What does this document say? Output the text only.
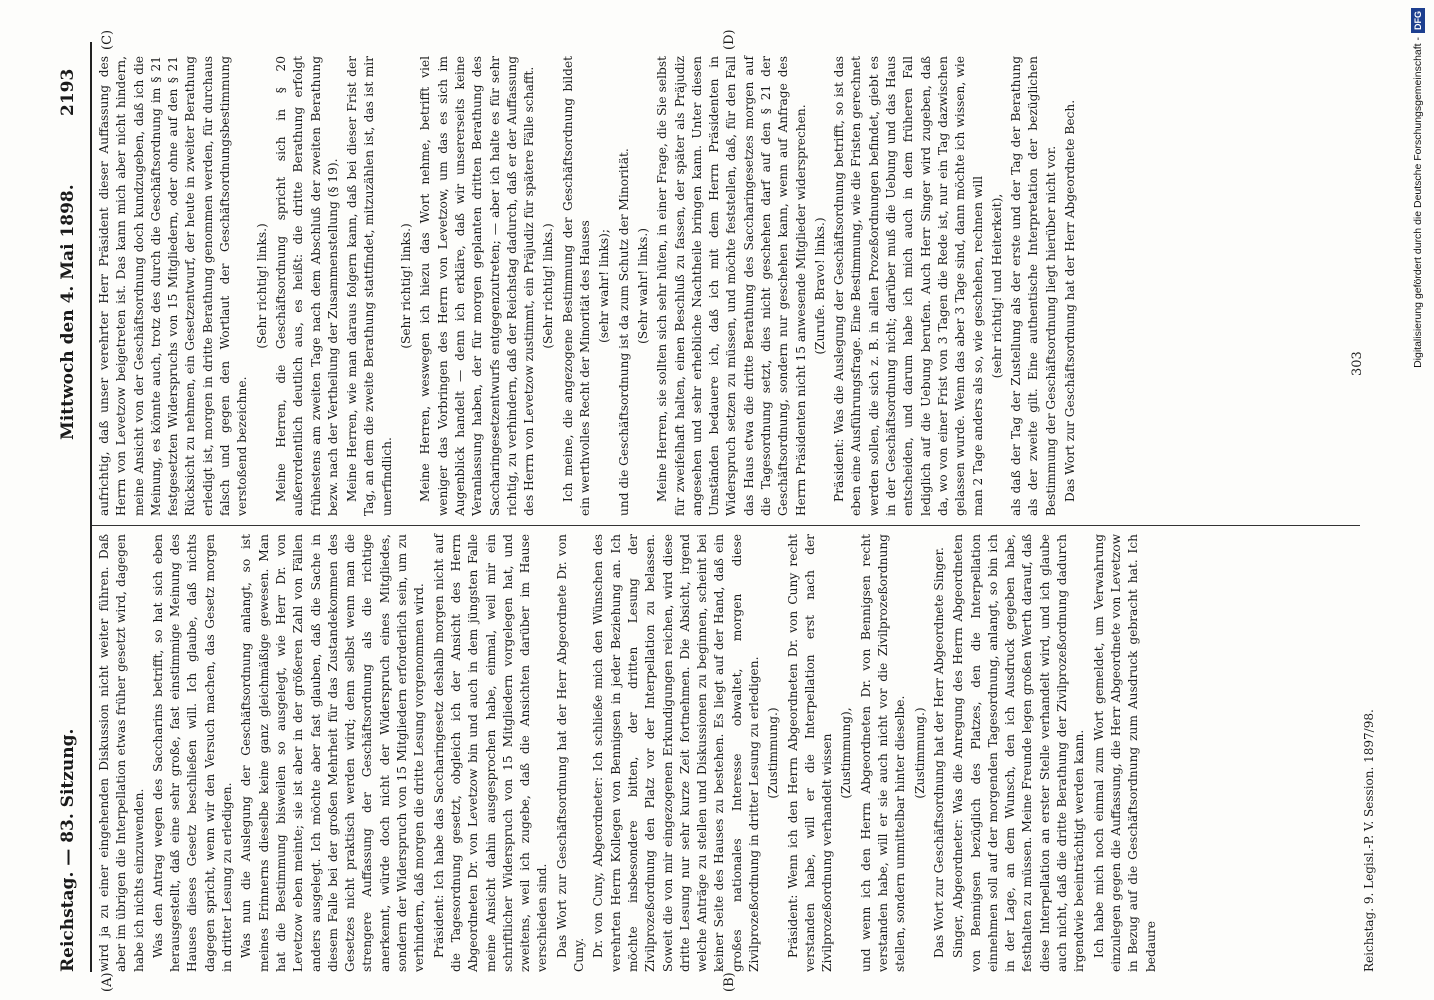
Reichstag. — 83. Sitzung.
Mittwoch den 4. Mai 1898.
2193
(A)	(B)
(C)	(D)

wird ja zu einer eingehenden Diskussion nicht weiter führen. Daß aber im übrigen die Interpellation etwas früher gesetzt wird, dagegen habe ich nichts einzuwenden. Was den Antrag wegen des Saccharins betrifft, so hat sich eben herausgestellt, daß eine sehr große, fast einstimmige Meinung des Hauses dieses Gesetz beschließen will. Ich glaube, daß nichts dagegen spricht, wenn wir den Versuch machen, das Gesetz morgen in dritter Lesung zu erledigen. Was nun die Auslegung der Geschäftsordnung anlangt, so ist meines Erinnerns dieselbe keine ganz gleichmäßige gewesen. Man hat die Bestimmung bisweilen so ausgelegt, wie Herr Dr. von Levetzow eben meinte; sie ist aber in der größeren Zahl von Fällen anders ausgelegt. Ich möchte aber fast glauben, daß die Sache in diesem Falle bei der großen Mehrheit für das Zustandekommen des Gesetzes nicht praktisch werden wird; denn selbst wenn man die strengere Auffassung der Geschäftsordnung als die richtige anerkennt, würde doch nicht der Widerspruch eines Mitgliedes, sondern der Widerspruch von 15 Mitgliedern erforderlich sein, um zu verhindern, daß morgen die dritte Lesung vorgenommen wird. Präsident: Ich habe das Saccharingesetz deshalb morgen nicht auf die Tagesordnung gesetzt, obgleich ich der Ansicht des Herrn Abgeordneten Dr. von Levetzow bin und auch in dem jüngsten Falle meine Ansicht dahin ausgesprochen habe, einmal, weil mir ein schriftlicher Widerspruch von 15 Mitgliedern vorgelegen hat, und zweitens, weil ich zugebe, daß die Ansichten darüber im Hause verschieden sind. Das Wort zur Geschäftsordnung hat der Herr Abgeordnete Dr. von Cuny. Dr. von Cuny, Abgeordneter: Ich schließe mich den Wünschen des verehrten Herrn Kollegen von Bennigsen in jeder Beziehung an. Ich möchte insbesondere bitten, der dritten Lesung der Zivilprozeßordnung den Platz vor der Interpellation zu belassen. Soweit die von mir eingezogenen Erkundigungen reichen, wird diese dritte Lesung nur sehr kurze Zeit fortnehmen. Die Absicht, irgend welche Anträge zu stellen und Diskussionen zu beginnen, scheint bei keiner Seite des Hauses zu bestehen. Es liegt auf der Hand, daß ein großes nationales Interesse obwaltet, morgen diese Zivilprozeßordnung in dritter Lesung zu erledigen. (Zustimmung.) Präsident: Wenn ich den Herrn Abgeordneten Dr. von Cuny recht verstanden habe, will er die Interpellation erst nach der Zivilprozeßordnung verhandelt wissen (Zustimmung), und wenn ich den Herrn Abgeordneten Dr. von Bennigsen recht verstanden habe, will er sie auch nicht vor die Zivilprozeßordnung stellen, sondern unmittelbar hinter dieselbe. (Zustimmung.) Das Wort zur Geschäftsordnung hat der Herr Abgeordnete Singer. Singer, Abgeordneter: Was die Anregung des Herrn Abgeordneten von Bennigsen bezüglich des Platzes, den die Interpellation einnehmen soll auf der morgenden Tagesordnung, anlangt, so bin ich in der Lage, an dem Wunsch, den ich Ausdruck gegeben habe, festhalten zu müssen. Meine Freunde legen großen Werth darauf, daß diese Interpellation an erster Stelle verhandelt wird, und ich glaube auch nicht, daß die dritte Berathung der Zivilprozeßordnung dadurch irgendwie beeinträchtigt werden kann. Ich habe mich noch einmal zum Wort gemeldet, um Verwahrung einzulegen gegen die Auffassung, die Herr Abgeordnete von Levetzow in Bezug auf die Geschäftsordnung zum Ausdruck gebracht hat. Ich bedaure

aufrichtig, daß unser verehrter Herr Präsident dieser Auffassung des Herrn von Levetzow beigetreten ist. Das kann mich aber nicht hindern, meine Ansicht von der Geschäftsordnung doch kundzugeben, daß ich die Meinung, es könnte auch, trotz des durch die Geschäftsordnung im § 21 festgesetzten Widerspruchs von 15 Mitgliedern, oder ohne auf den § 21 Rücksicht zu nehmen, ein Gesetzentwurf, der heute in zweiter Berathung erledigt ist, morgen in dritte Berathung genommen werden, für durchaus falsch und gegen den Wortlaut der Geschäftsordnungsbestimmung verstoßend bezeichne.

(Sehr richtig! links.) Meine Herren, die Geschäftsordnung spricht sich in § 20 außerordentlich deutlich aus, es heißt: die dritte Berathung erfolgt frühestens am zweiten Tage nach dem Abschluß der zweiten Berathung bezw. nach der Vertheilung der Zusammenstellung (§ 19). Meine Herren, wie man daraus folgern kann, daß bei dieser Frist der Tag, an dem die zweite Berathung stattfindet, mitzuzählen ist, das ist mir unerfindlich.

(Sehr richtig! links.) Meine Herren, weswegen ich hiezu das Wort nehme, betrifft viel weniger das Vorbringen des Herrn von Levetzow, um das es sich im Augenblick handelt — denn ich erkläre, daß wir unsererseits keine Veranlassung haben, der für morgen geplanten dritten Berathung des Saccharingesetzentwurfs entgegenzutreten; — aber ich halte es für sehr richtig, zu verhindern, daß der Reichstag dadurch, daß er der Auffassung des Herrn von Levetzow zustimmt, ein Präjudiz für spätere Fälle schafft. (Sehr richtig! links.) Ich meine, die angezogene Bestimmung der Geschäftsordnung bildet ein werthvolles Recht der Minorität des Hauses (sehr wahr! links); und die Geschäftsordnung ist da zum Schutz der Minorität. (Sehr wahr! links.) Meine Herren, sie sollten sich sehr hüten, in einer Frage, die Sie selbst für zweifelhaft halten, einen Beschluß zu fassen, der später als Präjudiz angesehen und sehr erhebliche Nachtheile bringen kann. Unter diesen Umständen bedauere ich, daß ich mit dem Herrn Präsidenten in Widerspruch setzen zu müssen, und möchte feststellen, daß, für den Fall das Haus etwa die dritte Berathung des Saccharingesetzes morgen auf die Tagesordnung setzt, dies nicht geschehen darf auf den § 21 der Geschäftsordnung, sondern nur geschehen kann, wenn auf Anfrage des Herrn Präsidenten nicht 15 anwesende Mitglieder widersprechen. (Zurufe. Bravo! links.) Präsident: Was die Auslegung der Geschäftsordnung betrifft, so ist das eben eine Ausführungsfrage. Eine Bestimmung, wie die Fristen gerechnet werden sollen, die sich z. B. in allen Prozeßordnungen befindet, giebt es in der Geschäftsordnung nicht; darüber muß die Uebung und das Haus entscheiden, und darum habe ich mich auch in dem früheren Fall lediglich auf die Uebung berufen. Auch Herr Singer wird zugeben, daß da, wo von einer Frist von 3 Tagen die Rede ist, nur ein Tag dazwischen gelassen wurde. Wenn das aber 3 Tage sind, dann möchte ich wissen, wie man 2 Tage anders als so, wie geschehen, rechnen will (sehr richtig! und Heiterkeit), als daß der Tag der Zustellung als der erste und der Tag der Berathung als der zweite gilt. Eine authentische Interpretation der bezüglichen Bestimmung der Geschäftsordnung liegt hierüber nicht vor. Das Wort zur Geschäftsordnung hat der Herr Abgeordnete Bech.

Reichstag. 9. Legisl.-P. V. Session. 1897/98.
303	Digitalisierung gefördert durch die Deutsche Forschungsgemeinschaft -DFG
